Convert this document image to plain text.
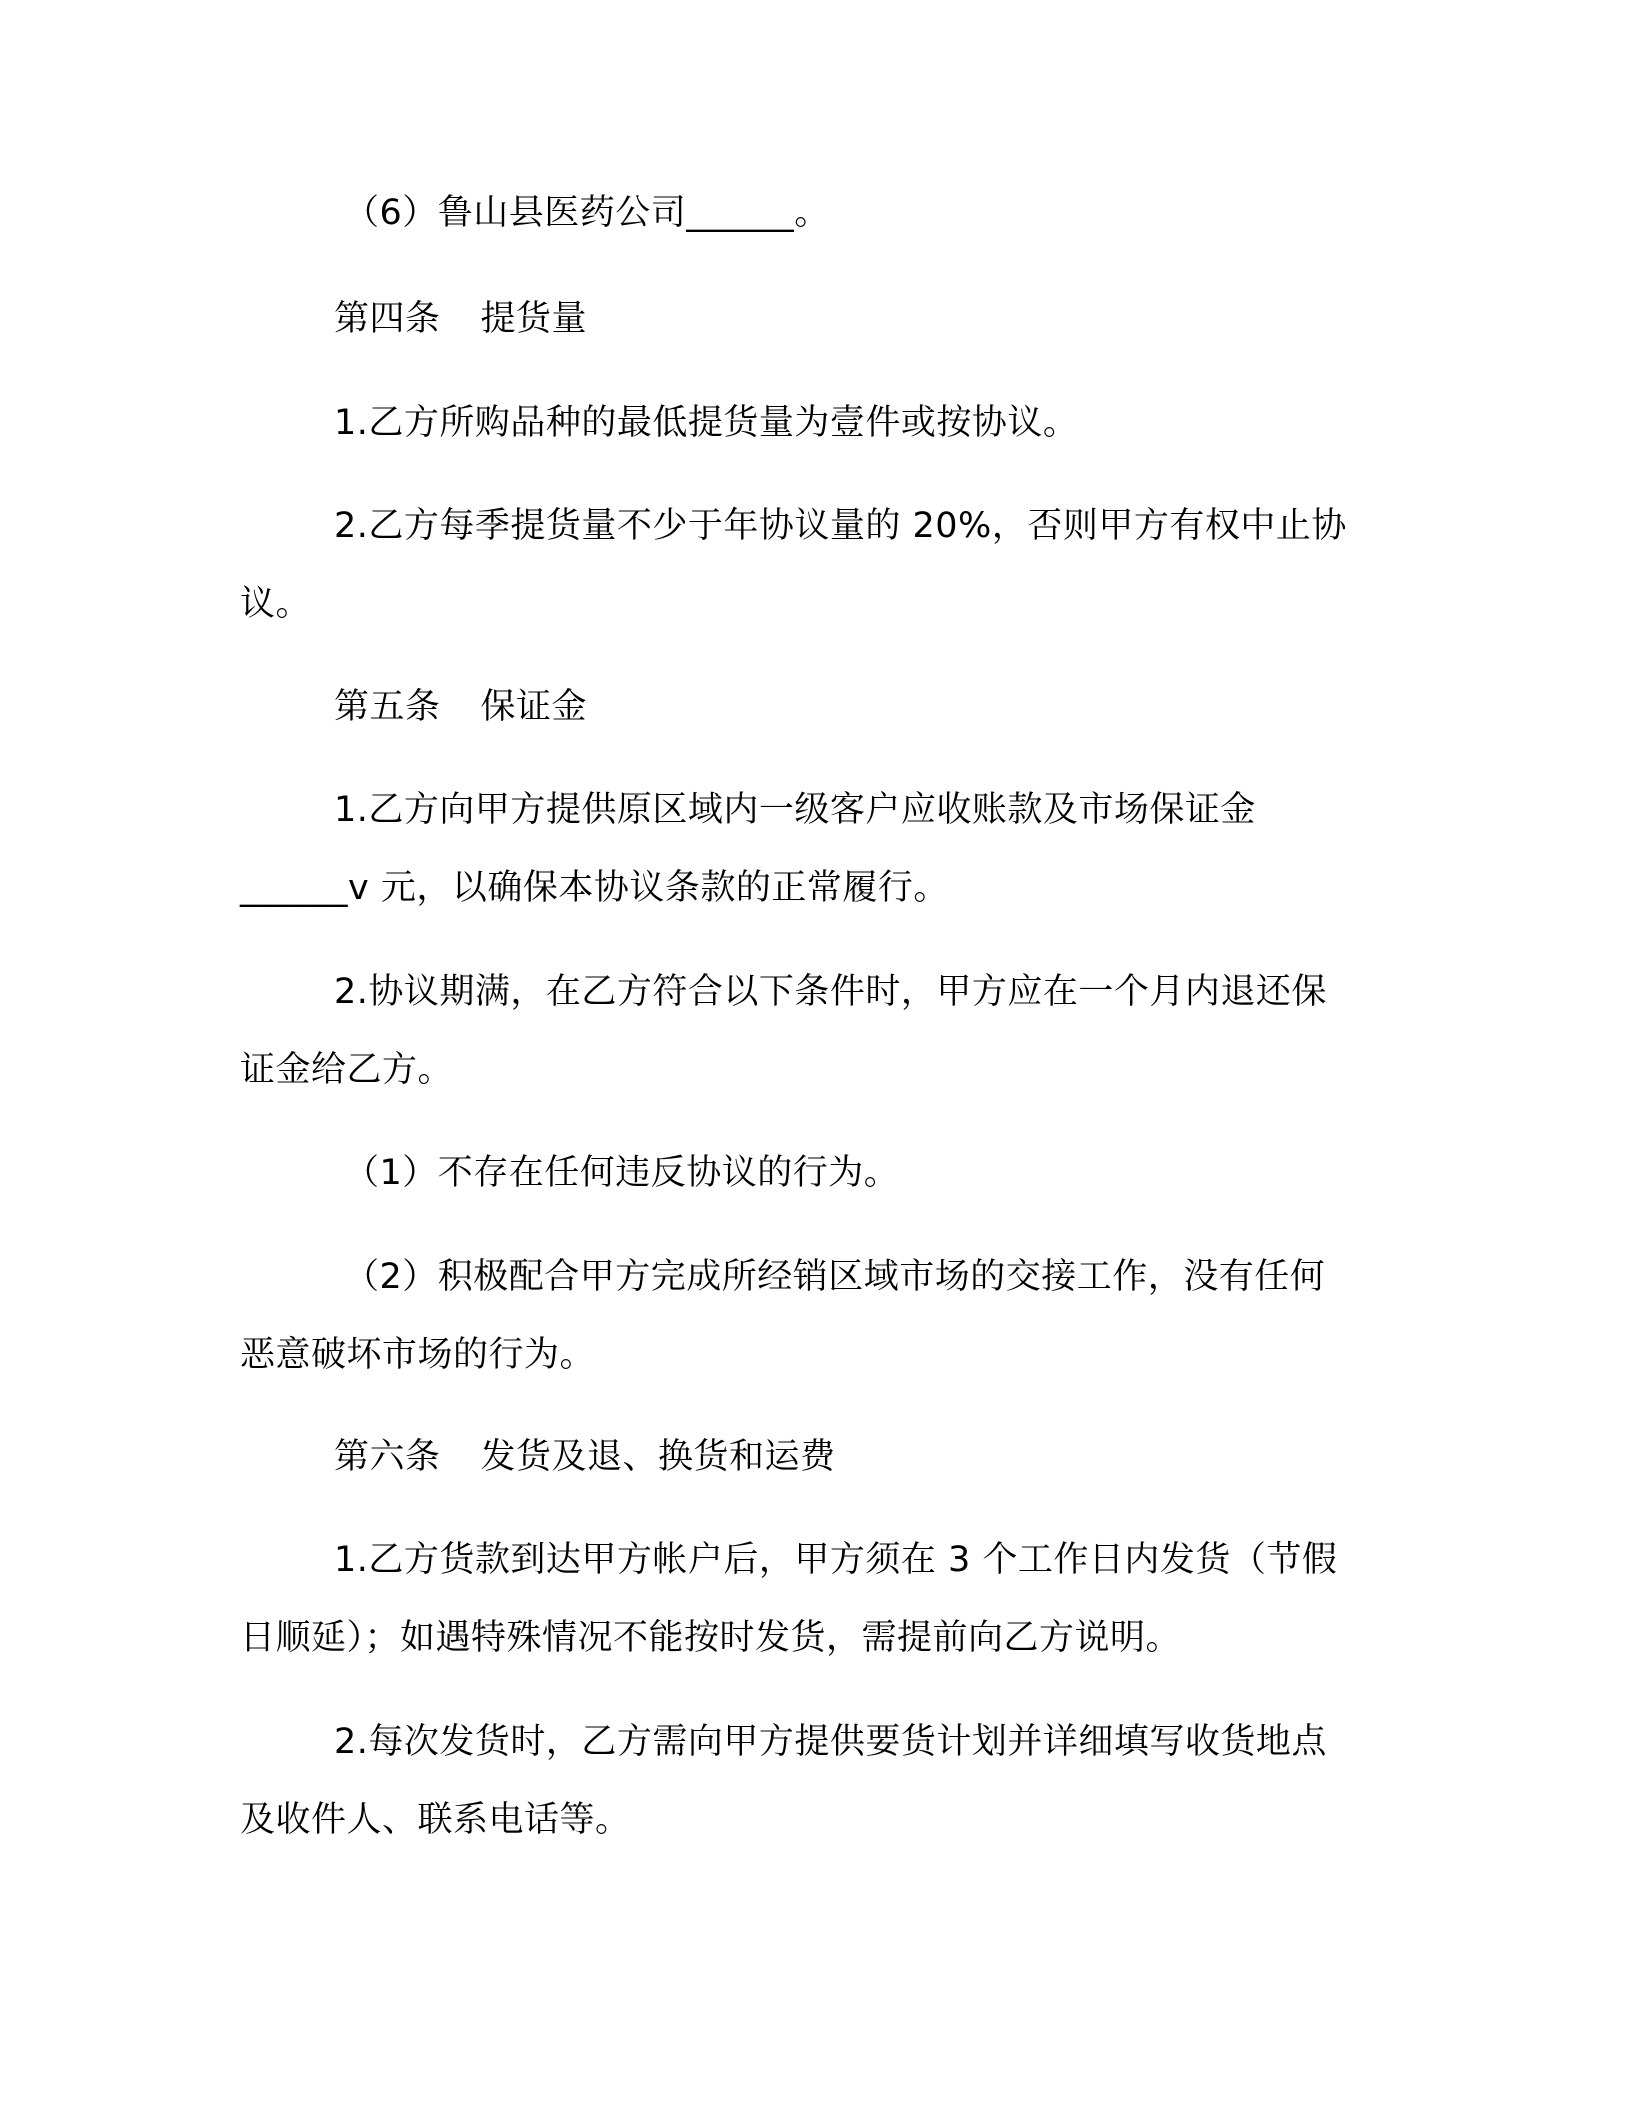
（6）鲁山县医药公司______。
第四条 提货量
1.乙方所购品种的最低提货量为壹件或按协议。
2.乙方每季提货量不少于年协议量的 20%，否则甲方有权中止协
议。
第五条 保证金
1.乙方向甲方提供原区域内一级客户应收账款及市场保证金
______v 元，以确保本协议条款的正常履行。
2.协议期满，在乙方符合以下条件时，甲方应在一个月内退还保
证金给乙方。
（1）不存在任何违反协议的行为。
（2）积极配合甲方完成所经销区域市场的交接工作，没有任何
恶意破坏市场的行为。
第六条 发货及退、换货和运费
1.乙方货款到达甲方帐户后，甲方须在 3 个工作日内发货（节假
日顺延）；如遇特殊情况不能按时发货，需提前向乙方说明。
2.每次发货时，乙方需向甲方提供要货计划并详细填写收货地点
及收件人、联系电话等。
